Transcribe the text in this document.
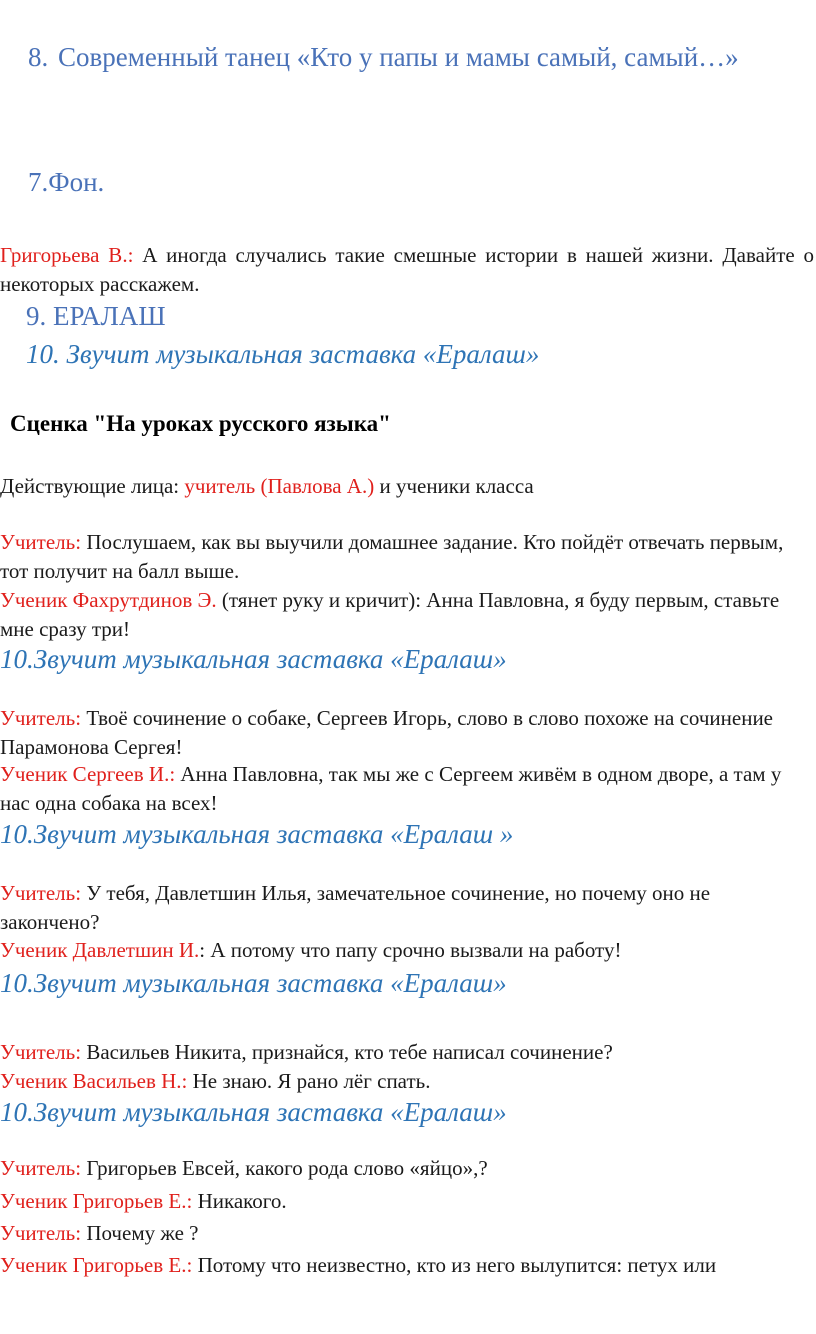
8. Современный танец «Кто у папы и мамы самый, самый…»
7.Фон.

Григорьева В.: А иногда случались такие смешные истории в нашей жизни. Давайте о некоторых расскажем.

9. ЕРАЛАШ
10. Звучит музыкальная заставка «Ералаш»
Сценка "На уроках русского языка"

Действующие лица: учитель (Павлова А.) и ученики класса

Учитель: Послушаем, как вы выучили домашнее задание. Кто пойдёт отвечать первым, тот получит на балл выше.

Ученик Фахрутдинов Э. (тянет руку и кричит): Анна Павловна, я буду первым, ставьте мне сразу три!

10.Звучит музыкальная заставка «Ералаш»

Учитель: Твоё сочинение о собаке, Сергеев Игорь, слово в слово похоже на сочинение Парамонова Сергея!

Ученик Сергеев И.: Анна Павловна, так мы же с Сергеем живём в одном дворе, а там у нас одна собака на всех!

10.Звучит музыкальная заставка «Ералаш »

Учитель: У тебя, Давлетшин Илья, замечательное сочинение, но почему оно не закончено?

Ученик Давлетшин И.: А потому что папу срочно вызвали на работу!

10.Звучит музыкальная заставка «Ералаш»

Учитель: Васильев Никита, признайся, кто тебе написал сочинение?

Ученик Васильев Н.: Не знаю. Я рано лёг спать.

10.Звучит музыкальная заставка «Ералаш»

Учитель: Григорьев Евсей, какого рода слово «яйцо»,?

Ученик Григорьев Е.: Никакого.

Учитель: Почему же ?

Ученик Григорьев Е.: Потому что неизвестно, кто из него вылупится: петух или
